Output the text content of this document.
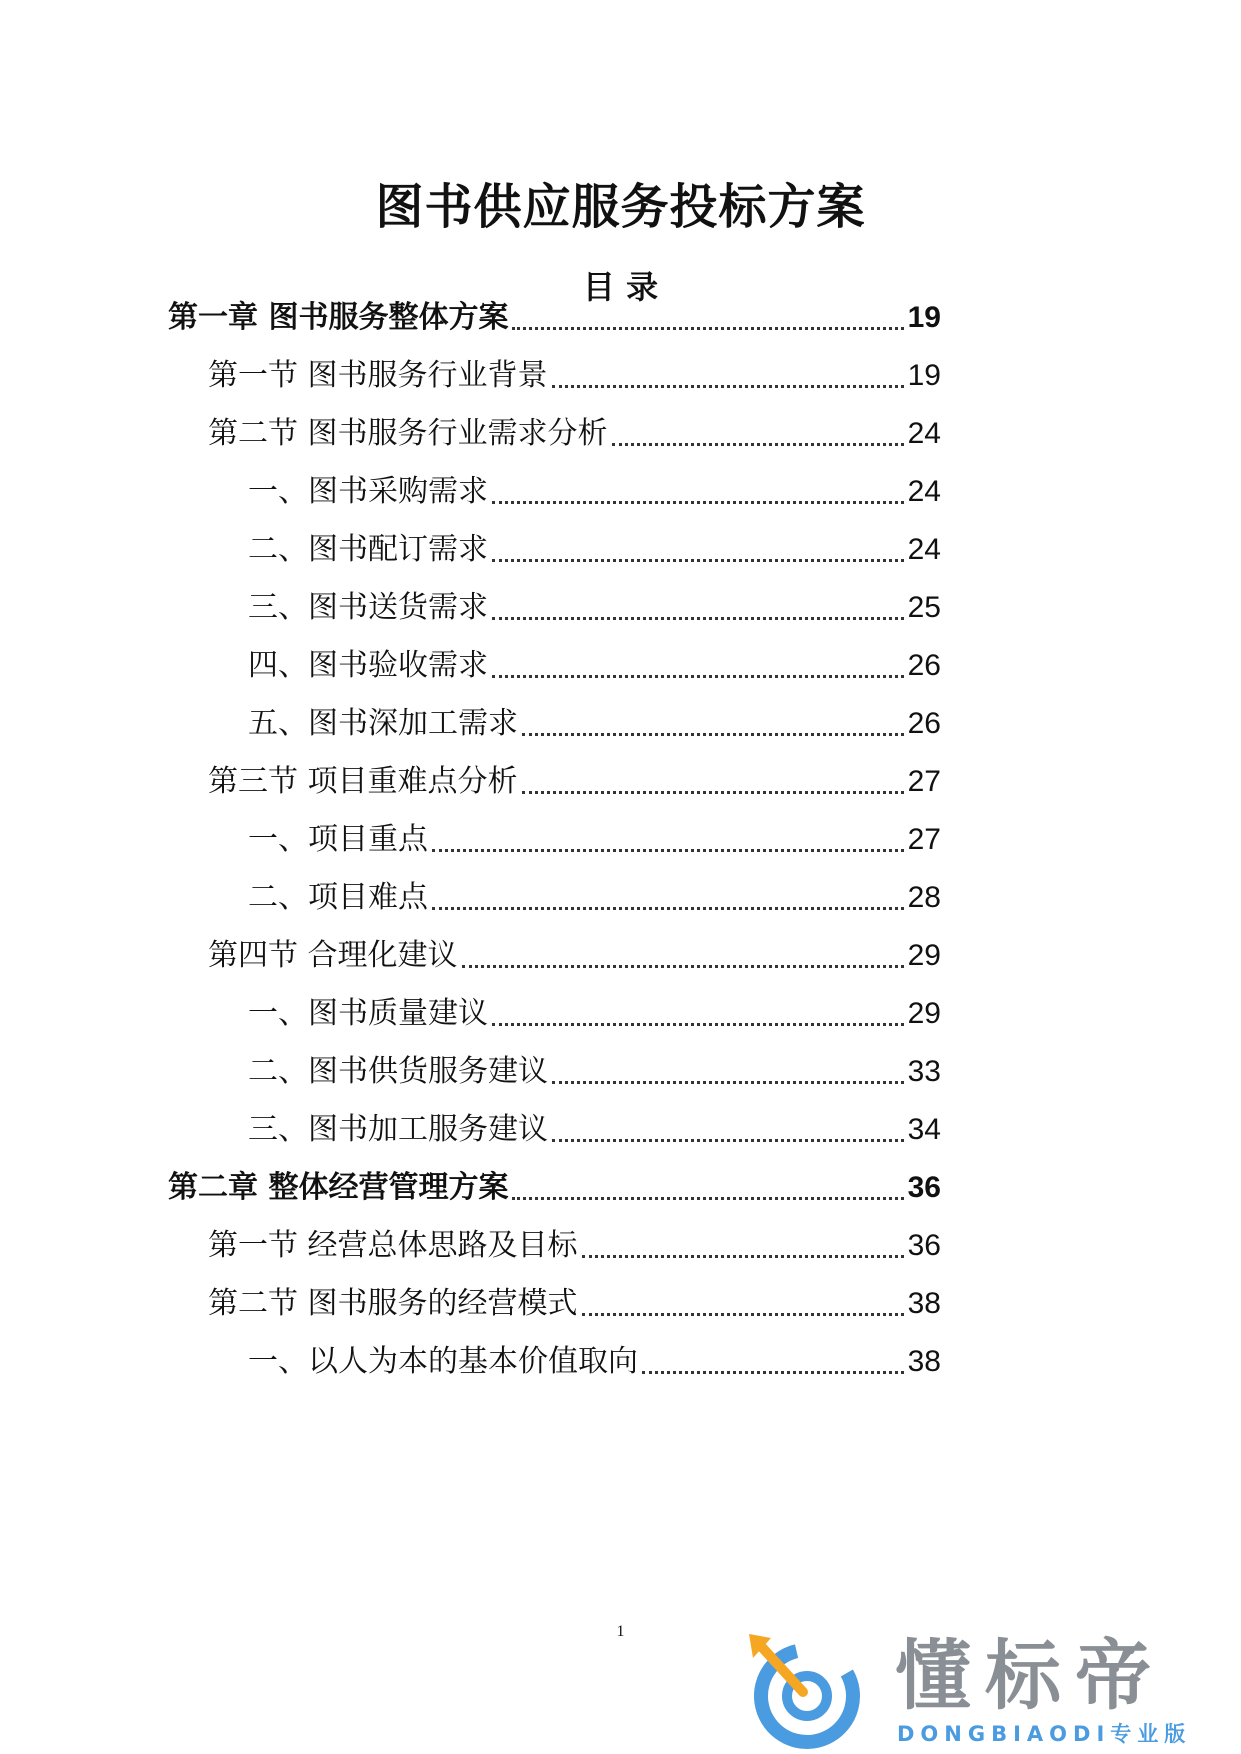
图书供应服务投标方案
目 录
第一章 图书服务整体方案	19
第一节 图书服务行业背景	19
第二节 图书服务行业需求分析	24
一、图书采购需求	24
二、图书配订需求	24
三、图书送货需求	25
四、图书验收需求	26
五、图书深加工需求	26
第三节 项目重难点分析	27
一、项目重点	27
二、项目难点	28
第四节 合理化建议	29
一、图书质量建议	29
二、图书供货服务建议	33
三、图书加工服务建议	34
第二章 整体经营管理方案	36
第一节 经营总体思路及目标	36
第二节 图书服务的经营模式	38
一、以人为本的基本价值取向	38
1	懂标帝
DONGBIAODI专业版
